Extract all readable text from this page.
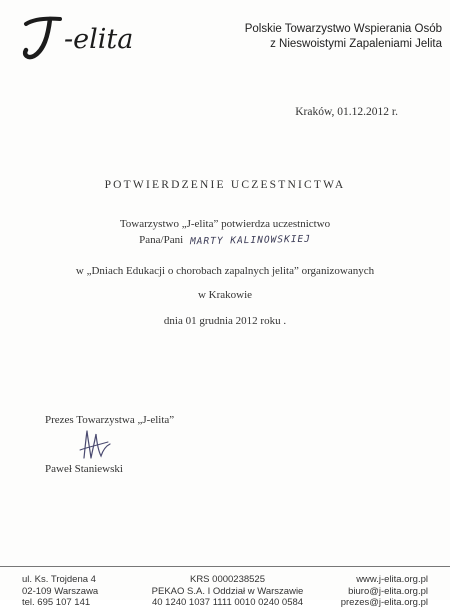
-elita	Polskie Towarzystwo Wspierania Osób
z Nieswoistymi Zapaleniami Jelita
Kraków, 01.12.2012 r.
POTWIERDZENIE UCZESTNICTWA
Towarzystwo „J-elita” potwierdza uczestnictwo
Pana/Pani MARTY KALINOWSKIEJ
w „Dniach Edukacji o chorobach zapalnych jelita” organizowanych
w Krakowie
dnia 01 grudnia 2012 roku .
Prezes Towarzystwa „J-elita”
Paweł Staniewski
ul. Ks. Trojdena 4
02-109 Warszawa
tel. 695 107 141
KRS 0000238525
PEKAO S.A. I Oddział w Warszawie
40 1240 1037 1111 0010 0240 0584
www.j-elita.org.pl
biuro@j-elita.org.pl
prezes@j-elita.org.pl
